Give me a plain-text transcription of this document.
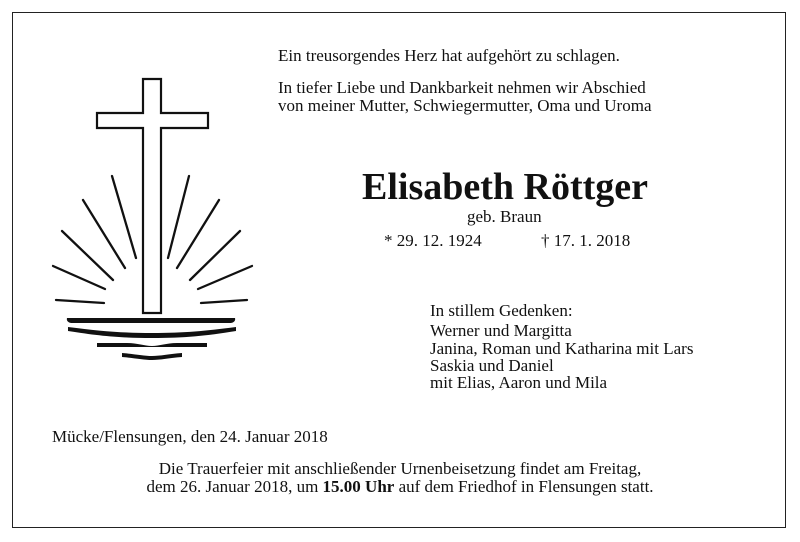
Ein treusorgendes Herz hat aufgehört zu schlagen.
In tiefer Liebe und Dankbarkeit nehmen wir Abschied
von meiner Mutter, Schwiegermutter, Oma und Uroma
Elisabeth Röttger
geb. Braun
* 29. 12. 1924	† 17. 1. 2018
In stillem Gedenken:
Werner und Margitta
Janina, Roman und Katharina mit Lars
Saskia und Daniel
mit Elias, Aaron und Mila
Mücke/Flensungen, den 24. Januar 2018
Die Trauerfeier mit anschließender Urnenbeisetzung findet am Freitag,
dem 26. Januar 2018, um 15.00 Uhr auf dem Friedhof in Flensungen statt.
